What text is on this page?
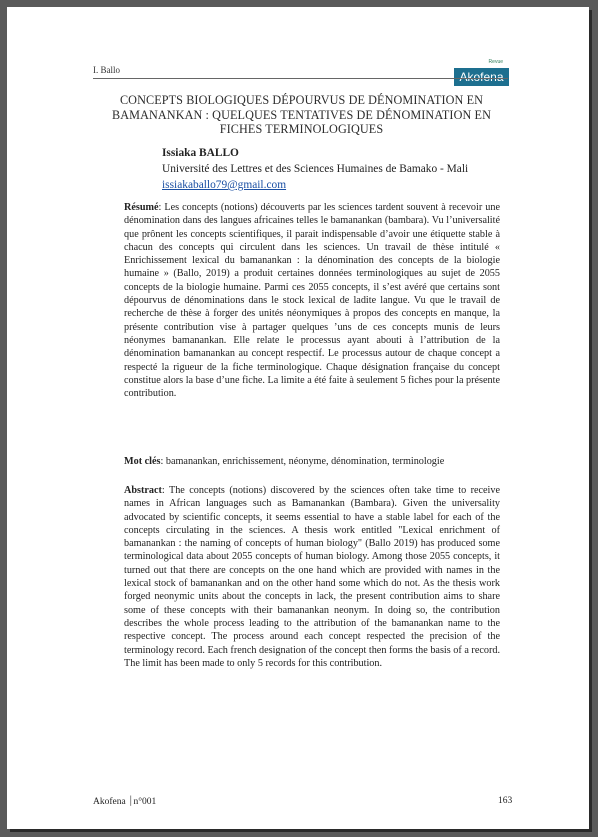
I. Ballo
Revue
Akofena
CONCEPTS BIOLOGIQUES DÉPOURVUS DE DÉNOMINATION EN BAMANANKAN : QUELQUES TENTATIVES DE DÉNOMINATION EN FICHES TERMINOLOGIQUES
Issiaka BALLO
Université des Lettres et des Sciences Humaines de Bamako - Mali
issiakaballo79@gmail.com

Résumé: Les concepts (notions) découverts par les sciences tardent souvent à recevoir une dénomination dans des langues africaines telles le bamanankan (bambara). Vu l’universalité que prônent les concepts scientifiques, il parait indispensable d’avoir une étiquette stable à chacun des concepts qui circulent dans les sciences. Un travail de thèse intitulé « Enrichissement lexical du bamanankan : la dénomination des concepts de la biologie humaine » (Ballo, 2019) a produit certaines données terminologiques au sujet de 2055 concepts de la biologie humaine. Parmi ces 2055 concepts, il s’est avéré que certains sont dépourvus de dénominations dans le stock lexical de ladite langue. Vu que le travail de recherche de thèse à forger des unités néonymiques à propos des concepts en manque, la présente contribution vise à partager quelques ’uns de ces concepts munis de leurs néonymes bamanankan. Elle relate le processus ayant abouti à l’attribution de la dénomination bamanankan au concept respectif. Le processus autour de chaque concept a respecté la rigueur de la fiche terminologique. Chaque désignation française du concept constitue alors la base d’une fiche. La limite a été faite à seulement 5 fiches pour la présente contribution.

Mot clés: bamanankan, enrichissement, néonyme, dénomination, terminologie

Abstract: The concepts (notions) discovered by the sciences often take time to receive names in African languages such as Bamanankan (Bambara). Given the universality advocated by scientific concepts, it seems essential to have a stable label for each of the concepts circulating in the sciences. A thesis work entitled "Lexical enrichment of bamanankan : the naming of concepts of human biology" (Ballo 2019) has produced some terminological data about 2055 concepts of human biology. Among those 2055 concepts, it turned out that there are concepts on the one hand which are provided with names in the lexical stock of bamanankan and on the other hand some which do not. As the thesis work forged neonymic units about the concepts in lack, the present contribution aims to share some of these concepts with their bamanankan neonym. In doing so, the contribution describes the whole process leading to the attribution of the bamanankan name to the respective concept. The process around each concept respected the precision of the terminology record. Each french designation of the concept then forms the basis of a record. The limit has been made to only 5 records for this contribution.

Akofena ⏐n°001	163
